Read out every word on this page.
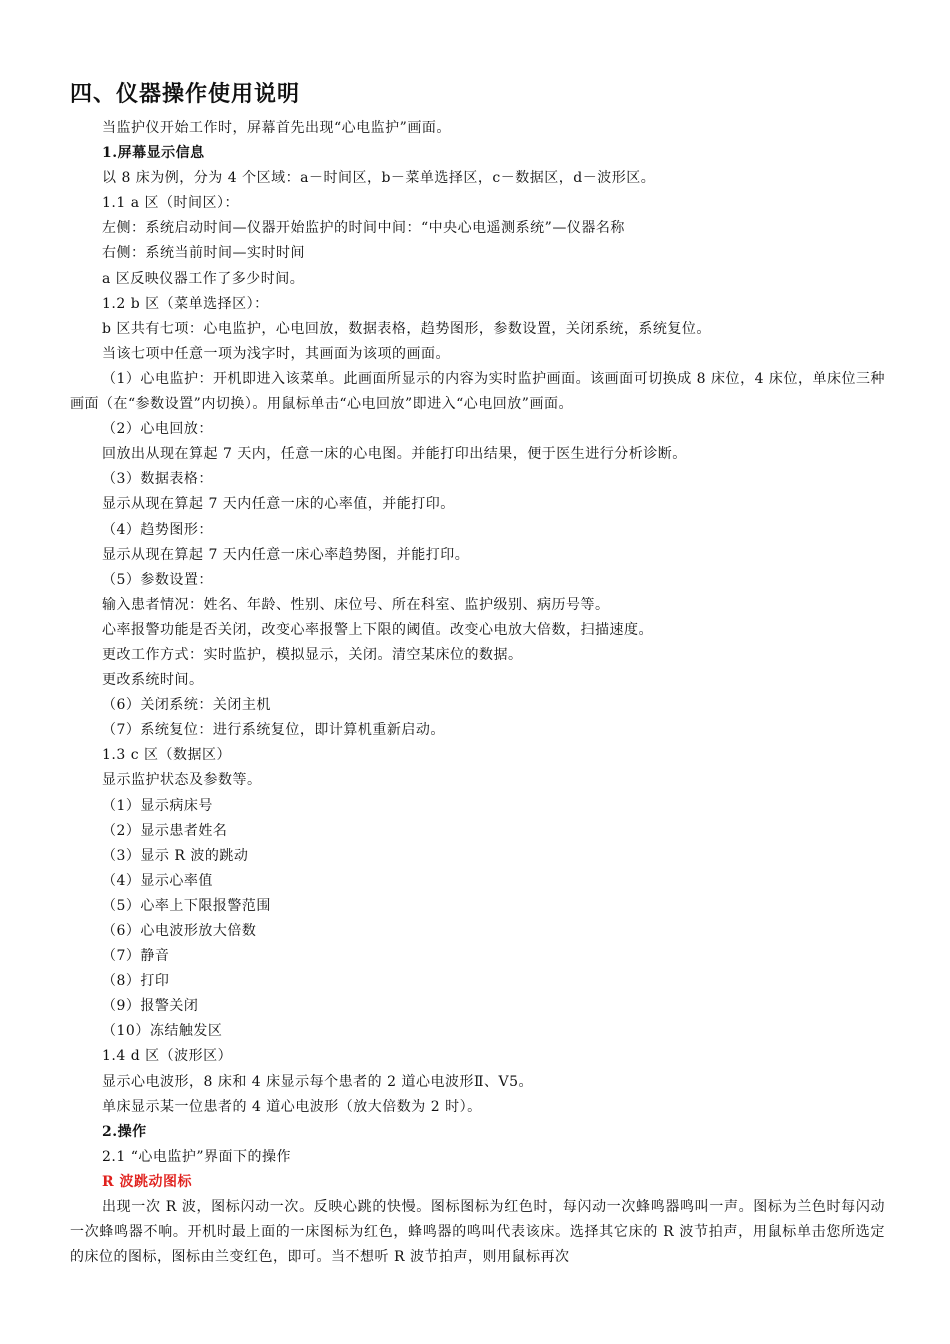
四、仪器操作使用说明
当监护仪开始工作时，屏幕首先出现“心电监护”画面。
1.屏幕显示信息
以 8 床为例，分为 4 个区域：a－时间区，b－菜单选择区，c－数据区，d－波形区。
1.1 a 区（时间区）：
左侧：系统启动时间—仪器开始监护的时间中间：“中央心电遥测系统”—仪器名称
右侧：系统当前时间—实时时间
a 区反映仪器工作了多少时间。
1.2 b 区（菜单选择区）：
b 区共有七项：心电监护，心电回放，数据表格，趋势图形，参数设置，关闭系统，系统复位。
当该七项中任意一项为浅字时，其画面为该项的画面。
（1）心电监护：开机即进入该菜单。此画面所显示的内容为实时监护画面。该画面可切换成 8 床位，4 床位，单床位三种画面（在“参数设置”内切换）。用鼠标单击“心电回放”即进入“心电回放”画面。
（2）心电回放：
回放出从现在算起 7 天内，任意一床的心电图。并能打印出结果，便于医生进行分析诊断。
（3）数据表格：
显示从现在算起 7 天内任意一床的心率值，并能打印。
（4）趋势图形：
显示从现在算起 7 天内任意一床心率趋势图，并能打印。
（5）参数设置：
输入患者情况：姓名、年龄、性别、床位号、所在科室、监护级别、病历号等。
心率报警功能是否关闭，改变心率报警上下限的阈值。改变心电放大倍数，扫描速度。
更改工作方式：实时监护，模拟显示，关闭。清空某床位的数据。
更改系统时间。
（6）关闭系统：关闭主机
（7）系统复位：进行系统复位，即计算机重新启动。
1.3 c 区（数据区）
显示监护状态及参数等。
（1）显示病床号
（2）显示患者姓名
（3）显示 R 波的跳动
（4）显示心率值
（5）心率上下限报警范围
（6）心电波形放大倍数
（7）静音
（8）打印
（9）报警关闭
（10）冻结触发区
1.4 d 区（波形区）
显示心电波形，8 床和 4 床显示每个患者的 2 道心电波形Ⅱ、V5。
单床显示某一位患者的 4 道心电波形（放大倍数为 2 时）。
2.操作
2.1 “心电监护”界面下的操作
R 波跳动图标
出现一次 R 波，图标闪动一次。反映心跳的快慢。图标图标为红色时，每闪动一次蜂鸣器鸣叫一声。图标为兰色时每闪动一次蜂鸣器不响。开机时最上面的一床图标为红色，蜂鸣器的鸣叫代表该床。选择其它床的 R 波节拍声，用鼠标单击您所选定的床位的图标，图标由兰变红色，即可。当不想听 R 波节拍声，则用鼠标再次
